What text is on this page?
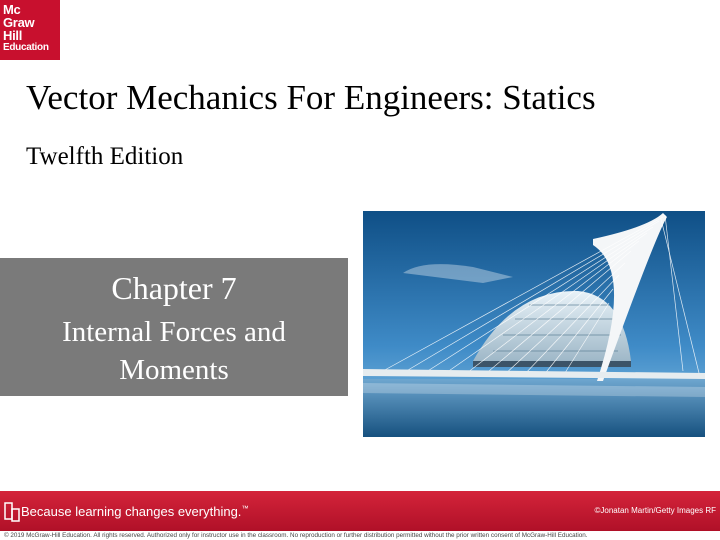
Mc
Graw
Hill
Education
Vector Mechanics For Engineers: Statics
Twelfth Edition
Chapter 7
Internal Forces and Moments
Because learning changes everything.™	©Jonatan Martin/Getty Images RF
© 2019 McGraw-Hill Education. All rights reserved. Authorized only for instructor use in the classroom. No reproduction or further distribution permitted without the prior written consent of McGraw-Hill Education.
